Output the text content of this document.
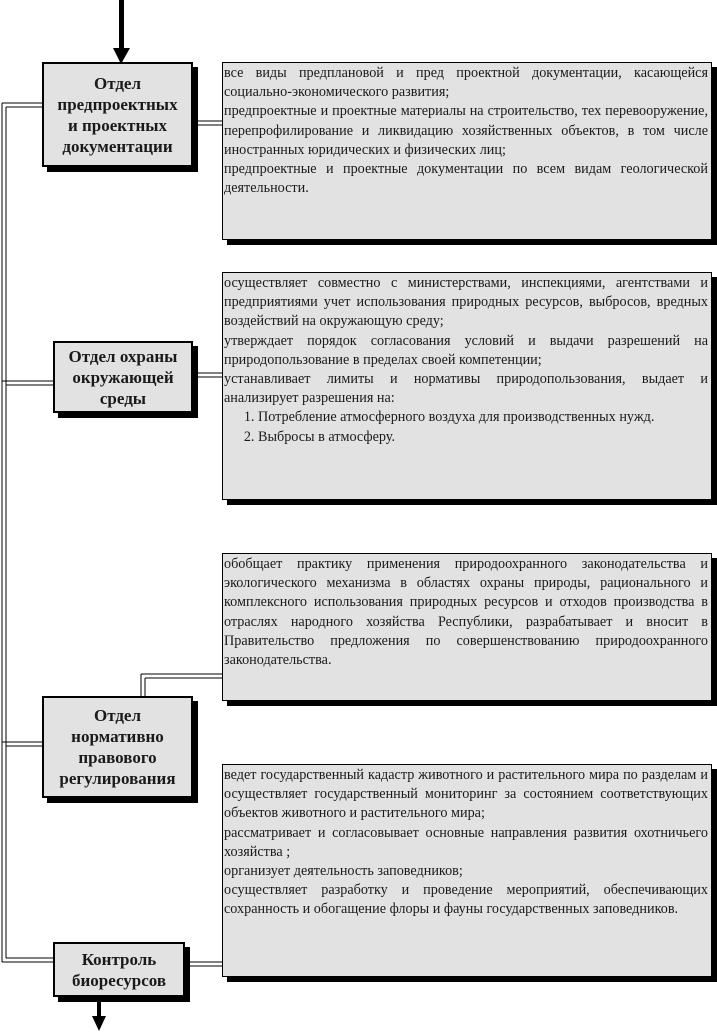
Отдел
предпроектных
и проектных
документации
Отдел охраны
окружающей
среды
Отдел
нормативно
правового
регулирования
Контроль
биоресурсов

все виды предплановой и пред проектной документации, касающейся социально-экономического развития;

предпроектные и проектные материалы на строительство, тех перевооружение, перепрофилирование и ликвидацию хозяйственных объектов, в том числе иностранных юридических и физических лиц;

предпроектные и проектные документации по всем видам геологической деятельности.

осуществляет совместно с министерствами, инспекциями, агентствами и предприятиями учет использования природных ресурсов, выбросов, вредных воздействий на окружающую среду;

утверждает порядок согласования условий и выдачи разрешений на природопользование в пределах своей компетенции;

устанавливает лимиты и нормативы природопользования, выдает и анализирует разрешения на:

1. Потребление атмосферного воздуха для производственных нужд.
2. Выбросы в атмосферу.

обобщает практику применения природоохранного законодательства и экологического механизма в областях охраны природы, рационального и комплексного использования природных ресурсов и отходов производства в отраслях народного хозяйства Республики, разрабатывает и вносит в Правительство предложения по совершенствованию природоохранного законодательства.

ведет государственный кадастр животного и растительного мира по разделам и осуществляет государственный мониторинг за состоянием соответствующих объектов животного и растительного мира;

рассматривает и согласовывает основные направления развития охотничьего хозяйства ;

организует деятельность заповедников;

осуществляет разработку и проведение мероприятий, обеспечивающих сохранность и обогащение флоры и фауны государственных заповедников.
